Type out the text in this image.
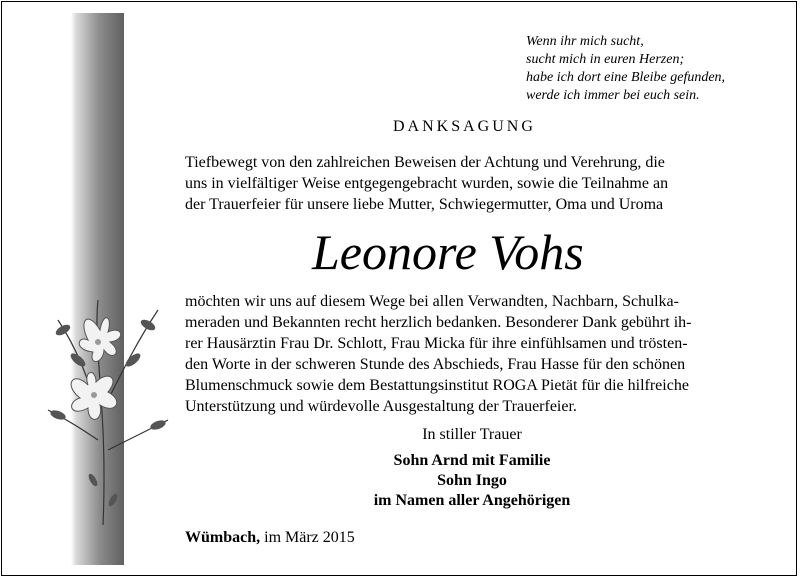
Wenn ihr mich sucht,
sucht mich in euren Herzen;
habe ich dort eine Bleibe gefunden,
werde ich immer bei euch sein.
DANKSAGUNG
Tiefbewegt von den zahlreichen Beweisen der Achtung und Verehrung, die
uns in vielfältiger Weise entgegengebracht wurden, sowie die Teilnahme an
der Trauerfeier für unsere liebe Mutter, Schwiegermutter, Oma und Uroma
Leonore Vohs
möchten wir uns auf diesem Wege bei allen Verwandten, Nachbarn, Schulka-
meraden und Bekannten recht herzlich bedanken. Besonderer Dank gebührt ih-
rer Hausärztin Frau Dr. Schlott, Frau Micka für ihre einfühlsamen und trösten-
den Worte in der schweren Stunde des Abschieds, Frau Hasse für den schönen
Blumenschmuck sowie dem Bestattungsinstitut ROGA Pietät für die hilfreiche
Unterstützung und würdevolle Ausgestaltung der Trauerfeier.
In stiller Trauer
Sohn Arnd mit Familie
Sohn Ingo
im Namen aller Angehörigen
Wümbach, im März 2015
